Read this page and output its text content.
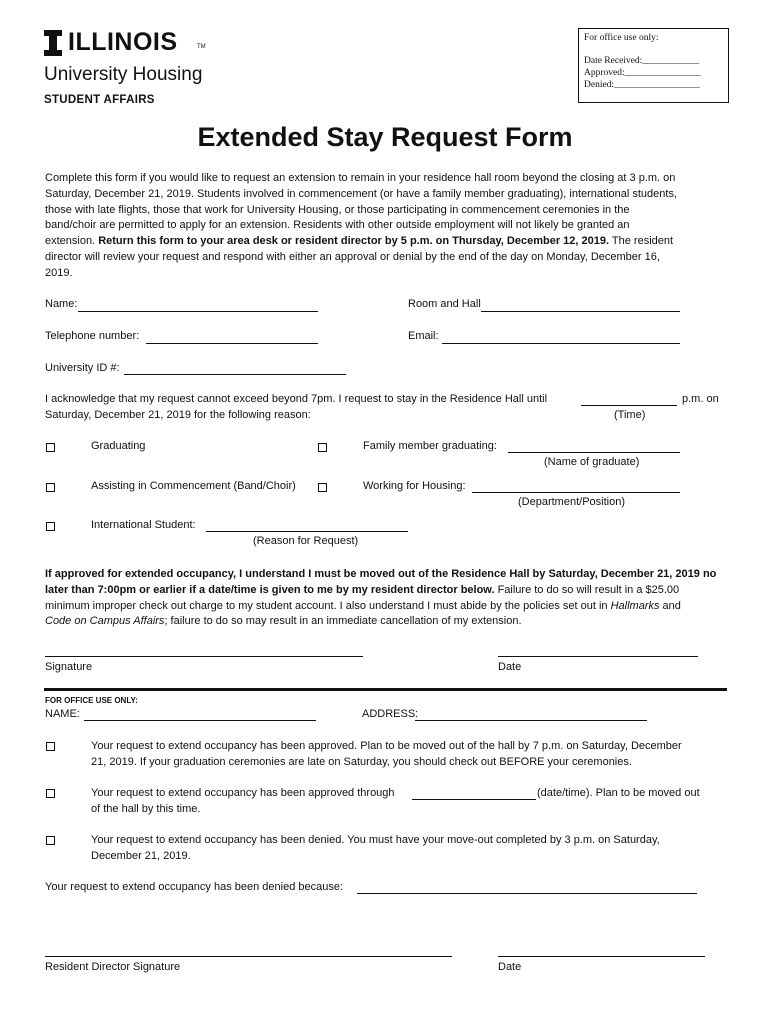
ILLINOIS	TM
University Housing
STUDENT AFFAIRS
For office use only:
Date Received:____________
Approved:________________
Denied:__________________
Extended Stay Request Form
Complete this form if you would like to request an extension to remain in your residence hall room beyond the closing at 3 p.m. on
Saturday, December 21, 2019. Students involved in commencement (or have a family member graduating), international students,
those with late flights, those that work for University Housing, or those participating in commencement ceremonies in the
band/choir are permitted to apply for an extension. Residents with other outside employment will not likely be granted an
extension. Return this form to your area desk or resident director by 5 p.m. on Thursday, December 12, 2019. The resident
director will review your request and respond with either an approval or denial by the end of the day on Monday, December 16,
2019.
Name:	Room and Hall
Telephone number:	Email:
University ID #:
I acknowledge that my request cannot exceed beyond 7pm. I request to stay in the Residence Hall until	p.m. on
Saturday, December 21, 2019 for the following reason:	(Time)
Graduating	Family member graduating:
(Name of graduate)
Assisting in Commencement (Band/Choir)	Working for Housing:
(Department/Position)
International Student:
(Reason for Request)
If approved for extended occupancy, I understand I must be moved out of the Residence Hall by Saturday, December 21, 2019 no
later than 7:00pm or earlier if a date/time is given to me by my resident director below. Failure to do so will result in a $25.00
minimum improper check out charge to my student account. I also understand I must abide by the policies set out in Hallmarks and
Code on Campus Affairs; failure to do so may result in an immediate cancellation of my extension.
Signature	Date
FOR OFFICE USE ONLY:
NAME:	ADDRESS:
Your request to extend occupancy has been approved. Plan to be moved out of the hall by 7 p.m. on Saturday, December
21, 2019. If your graduation ceremonies are late on Saturday, you should check out BEFORE your ceremonies.
Your request to extend occupancy has been approved through	(date/time). Plan to be moved out
of the hall by this time.
Your request to extend occupancy has been denied. You must have your move-out completed by 3 p.m. on Saturday,
December 21, 2019.
Your request to extend occupancy has been denied because:
Resident Director Signature	Date
